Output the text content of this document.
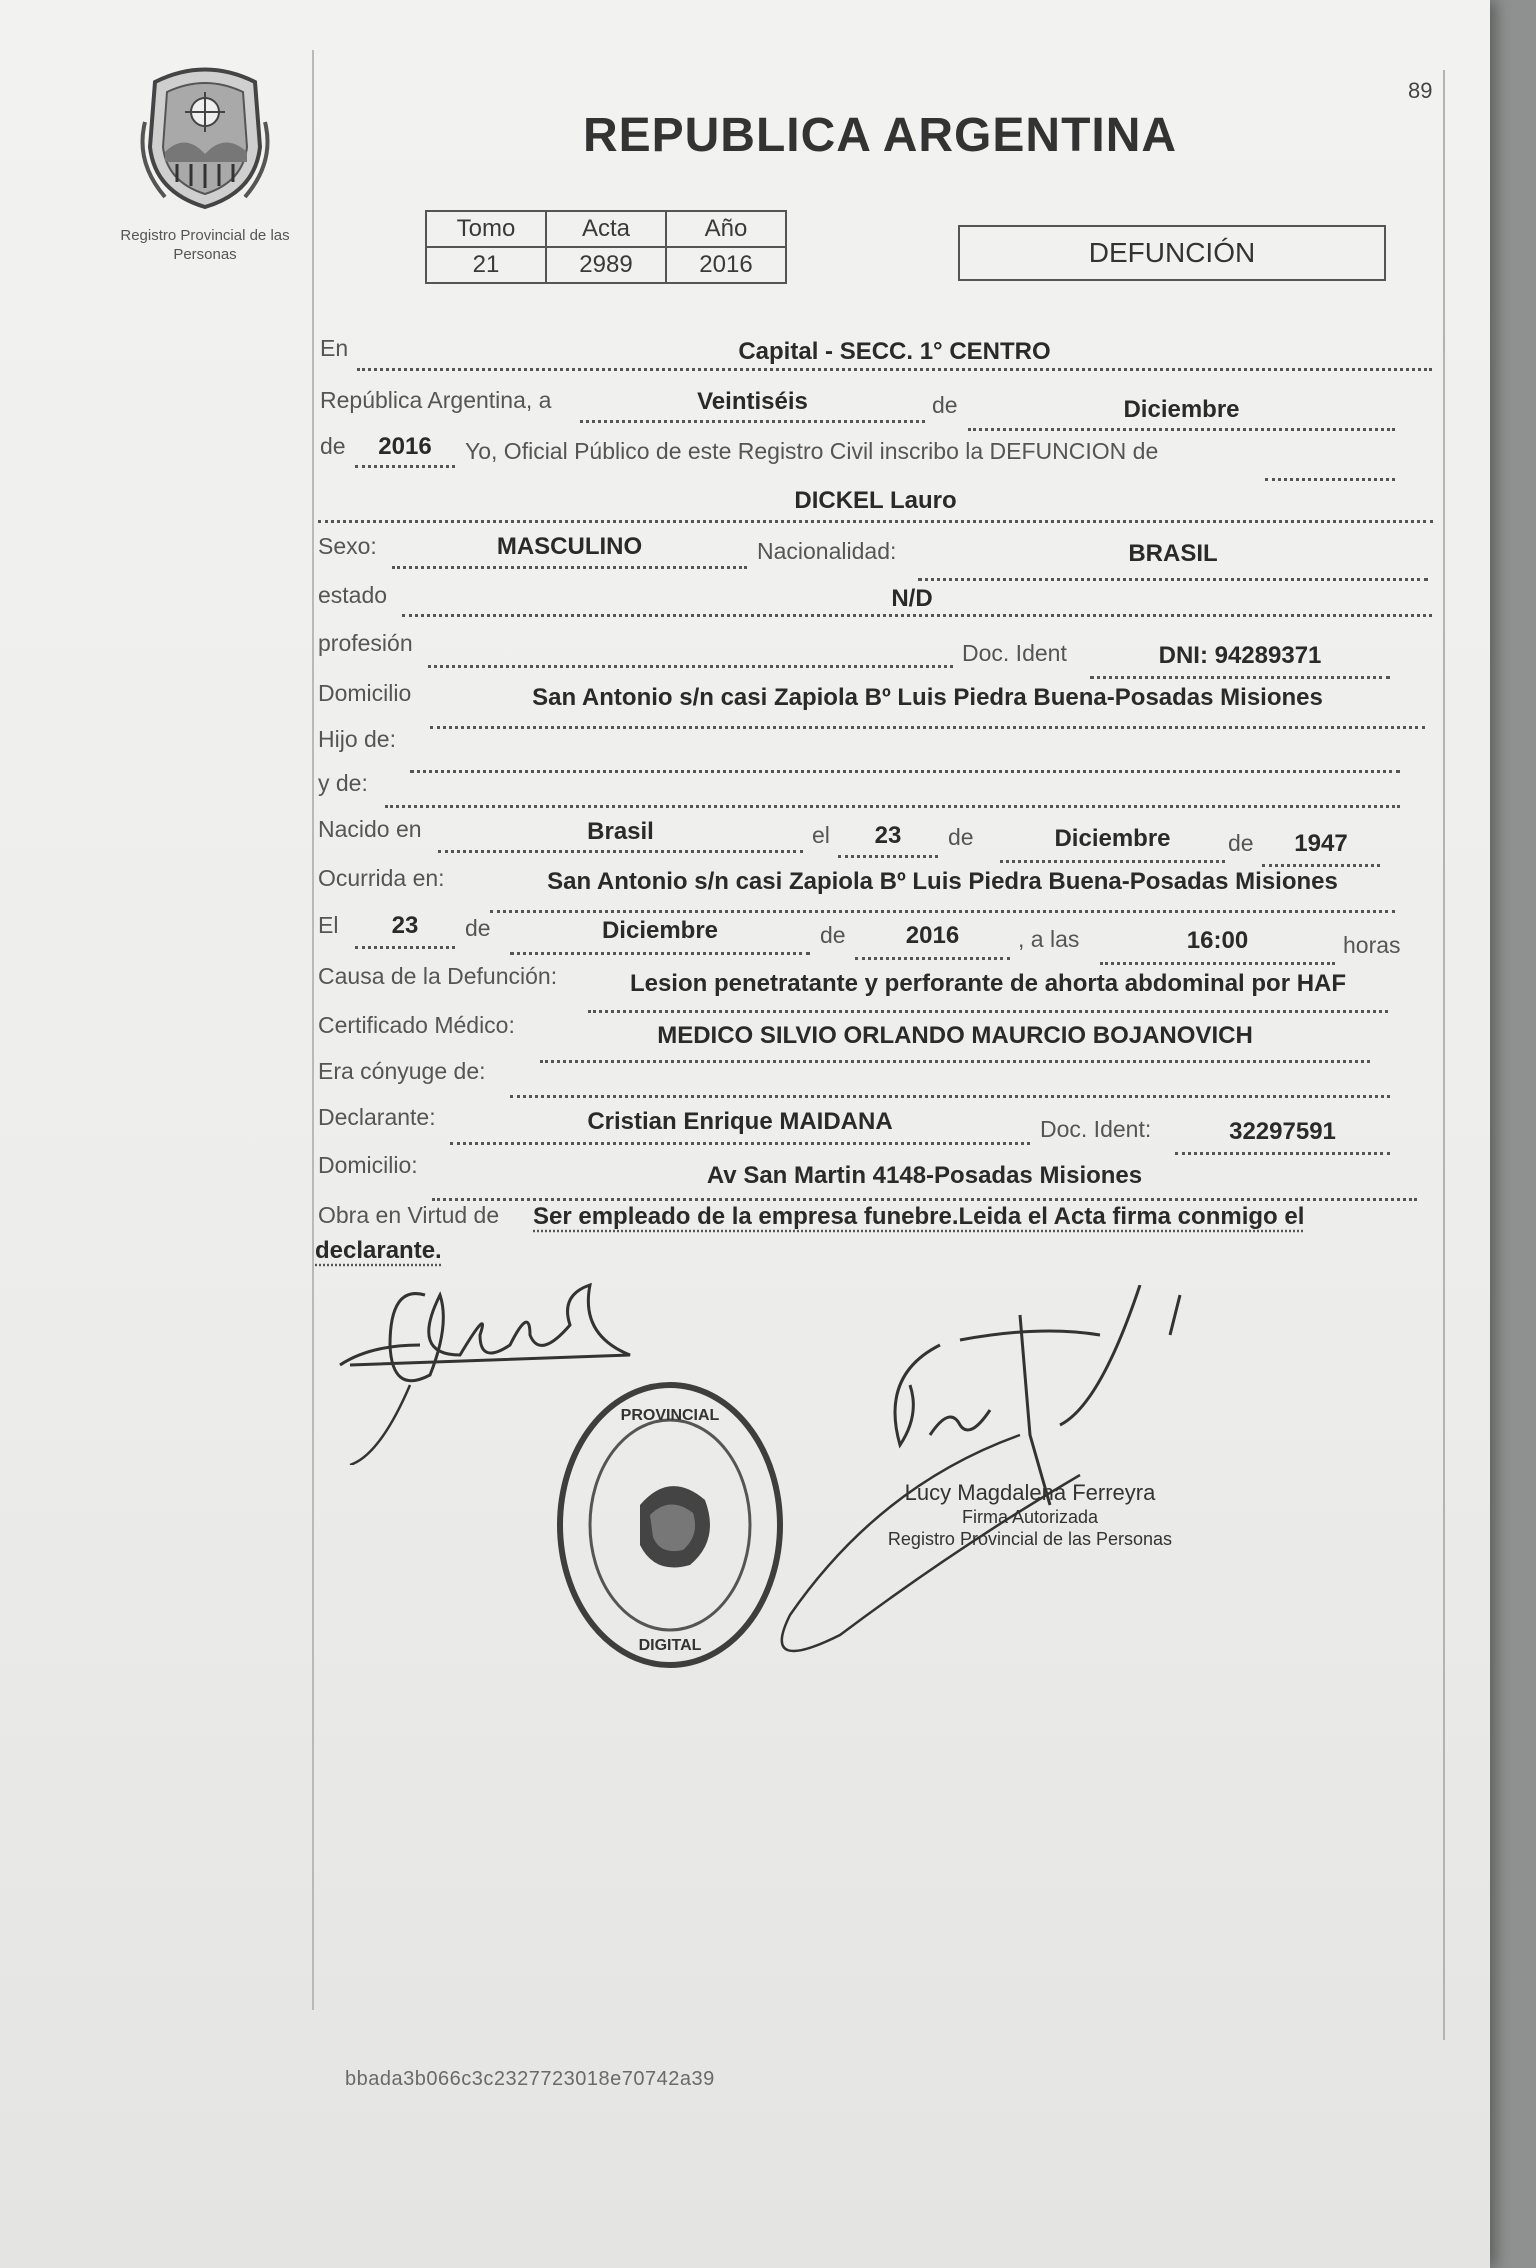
Registro Provincial de las Personas
89
REPUBLICA ARGENTINA
Tomo	Acta	Año
21	2989	2016	DEFUNCIÓN
En	Capital - SECC. 1° CENTRO
República Argentina, a	Veintiséis	de	Diciembre
de	2016	Yo, Oficial Público de este Registro Civil inscribo la DEFUNCION de
DICKEL Lauro
Sexo:	MASCULINO	Nacionalidad:	BRASIL
estado	N/D
profesión	Doc. Ident	DNI: 94289371
Domicilio	San Antonio s/n casi Zapiola Bº Luis Piedra Buena-Posadas Misiones
Hijo de:
y de:
Nacido en	Brasil	el	23	de	Diciembre	de	1947
Ocurrida en:	San Antonio s/n casi Zapiola Bº Luis Piedra Buena-Posadas Misiones
El	23	de	Diciembre	de	2016	, a las	16:00	horas
Causa de la Defunción:	Lesion penetratante y perforante de ahorta abdominal por HAF
Certificado Médico:	MEDICO SILVIO ORLANDO MAURCIO BOJANOVICH
Era cónyuge de:
Declarante:	Cristian Enrique MAIDANA	Doc. Ident:	32297591
Domicilio:	Av San Martin 4148-Posadas Misiones
Obra en Virtud de	Ser empleado de la empresa funebre.Leida el Acta firma conmigo el declarante.
PROVINCIAL
DIGITAL
Lucy Magdalena Ferreyra
Firma Autorizada
Registro Provincial de las Personas
bbada3b066c3c2327723018e70742a39
